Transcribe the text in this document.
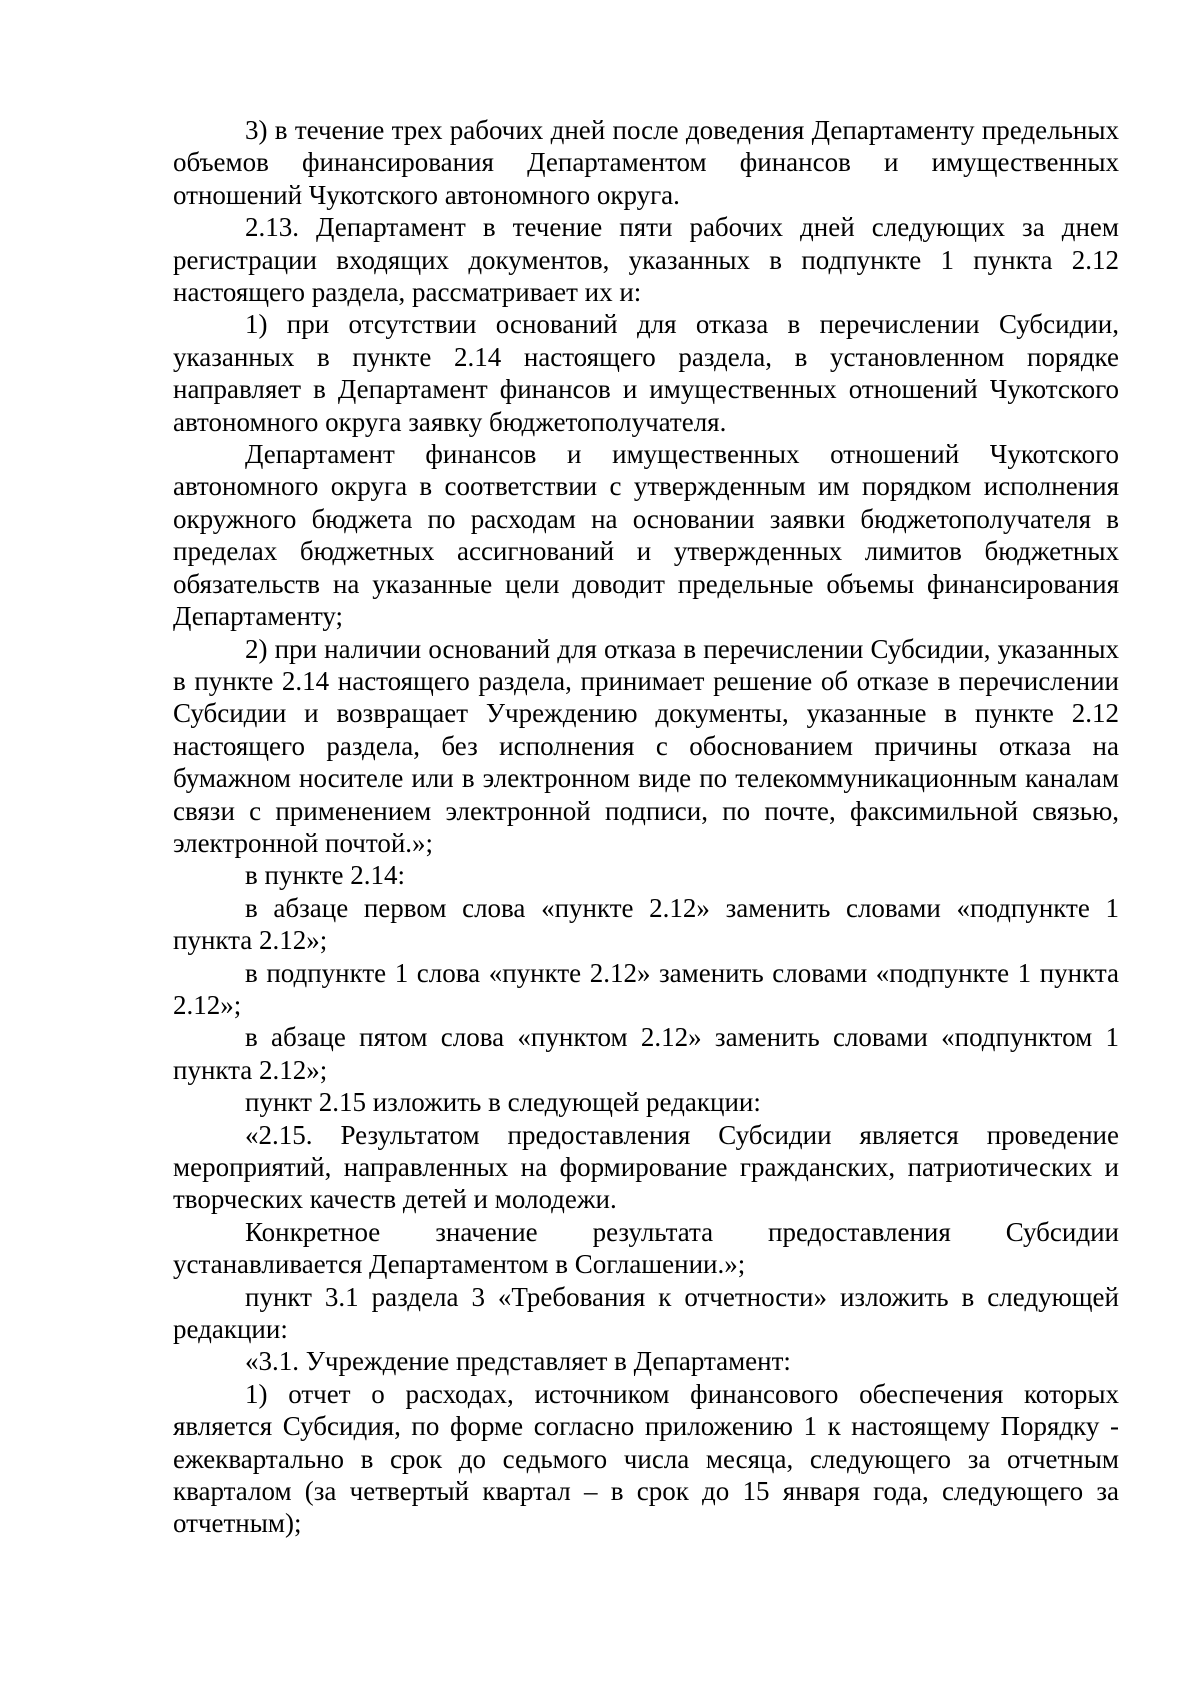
3) в течение трех рабочих дней после доведения Департаменту предельных объемов финансирования Департаментом финансов и имущественных отношений Чукотского автономного округа.

2.13. Департамент в течение пяти рабочих дней следующих за днем регистрации входящих документов, указанных в подпункте 1 пункта 2.12 настоящего раздела, рассматривает их и:

1) при отсутствии оснований для отказа в перечислении Субсидии, указанных в пункте 2.14 настоящего раздела, в установленном порядке направляет в Департамент финансов и имущественных отношений Чукотского автономного округа заявку бюджетополучателя.

Департамент финансов и имущественных отношений Чукотского автономного округа в соответствии с утвержденным им порядком исполнения окружного бюджета по расходам на основании заявки бюджетополучателя в пределах бюджетных ассигнований и утвержденных лимитов бюджетных обязательств на указанные цели доводит предельные объемы финансирования Департаменту;

2) при наличии оснований для отказа в перечислении Субсидии, указанных в пункте 2.14 настоящего раздела, принимает решение об отказе в перечислении Субсидии и возвращает Учреждению документы, указанные в пункте 2.12 настоящего раздела, без исполнения с обоснованием причины отказа на бумажном носителе или в электронном виде по телекоммуникационным каналам связи с применением электронной подписи, по почте, факсимильной связью, электронной почтой.»;

в пункте 2.14:

в абзаце первом слова «пункте 2.12» заменить словами «подпункте 1 пункта 2.12»;

в подпункте 1 слова «пункте 2.12» заменить словами «подпункте 1 пункта 2.12»;

в абзаце пятом слова «пунктом 2.12» заменить словами «подпунктом 1 пункта 2.12»;

пункт 2.15 изложить в следующей редакции:

«2.15. Результатом предоставления Субсидии является проведение мероприятий, направленных на формирование гражданских, патриотических и творческих качеств детей и молодежи.

Конкретное значение результата предоставления Субсидии устанавливается Департаментом в Соглашении.»;

пункт 3.1 раздела 3 «Требования к отчетности» изложить в следующей редакции:

«3.1. Учреждение представляет в Департамент:

1) отчет о расходах, источником финансового обеспечения которых является Субсидия, по форме согласно приложению 1 к настоящему Порядку - ежеквартально в срок до седьмого числа месяца, следующего за отчетным кварталом (за четвертый квартал – в срок до 15 января года, следующего за отчетным);
